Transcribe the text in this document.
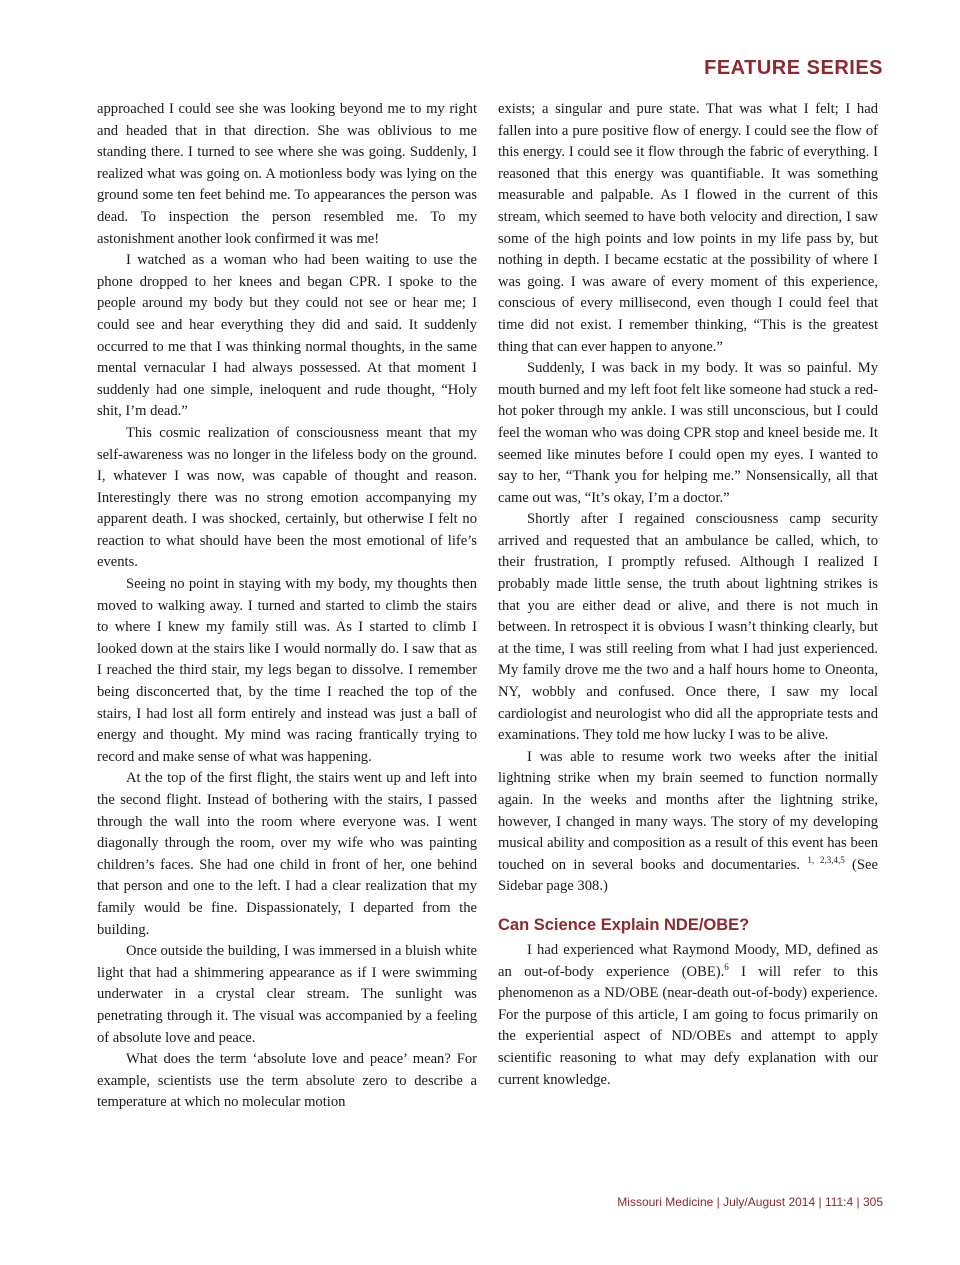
FEATURE SERIES

approached I could see she was looking beyond me to my right and headed that in that direction. She was oblivious to me standing there. I turned to see where she was going. Suddenly, I realized what was going on. A motionless body was lying on the ground some ten feet behind me. To appearances the person was dead. To inspection the person resembled me. To my astonishment another look confirmed it was me!

I watched as a woman who had been waiting to use the phone dropped to her knees and began CPR. I spoke to the people around my body but they could not see or hear me; I could see and hear everything they did and said. It suddenly occurred to me that I was thinking normal thoughts, in the same mental vernacular I had always possessed. At that moment I suddenly had one simple, ineloquent and rude thought, “Holy shit, I’m dead.”

This cosmic realization of consciousness meant that my self-awareness was no longer in the lifeless body on the ground. I, whatever I was now, was capable of thought and reason. Interestingly there was no strong emotion accompanying my apparent death. I was shocked, certainly, but otherwise I felt no reaction to what should have been the most emotional of life’s events.

Seeing no point in staying with my body, my thoughts then moved to walking away. I turned and started to climb the stairs to where I knew my family still was. As I started to climb I looked down at the stairs like I would normally do. I saw that as I reached the third stair, my legs began to dissolve. I remember being disconcerted that, by the time I reached the top of the stairs, I had lost all form entirely and instead was just a ball of energy and thought. My mind was racing frantically trying to record and make sense of what was happening.

At the top of the first flight, the stairs went up and left into the second flight. Instead of bothering with the stairs, I passed through the wall into the room where everyone was. I went diagonally through the room, over my wife who was painting children’s faces. She had one child in front of her, one behind that person and one to the left. I had a clear realization that my family would be fine. Dispassionately, I departed from the building.

Once outside the building, I was immersed in a bluish white light that had a shimmering appearance as if I were swimming underwater in a crystal clear stream. The sunlight was penetrating through it. The visual was accompanied by a feeling of absolute love and peace.

What does the term ‘absolute love and peace’ mean? For example, scientists use the term absolute zero to describe a temperature at which no molecular motion

exists; a singular and pure state. That was what I felt; I had fallen into a pure positive flow of energy. I could see the flow of this energy. I could see it flow through the fabric of everything. I reasoned that this energy was quantifiable. It was something measurable and palpable. As I flowed in the current of this stream, which seemed to have both velocity and direction, I saw some of the high points and low points in my life pass by, but nothing in depth. I became ecstatic at the possibility of where I was going. I was aware of every moment of this experience, conscious of every millisecond, even though I could feel that time did not exist. I remember thinking, “This is the greatest thing that can ever happen to anyone.”

Suddenly, I was back in my body. It was so painful. My mouth burned and my left foot felt like someone had stuck a red-hot poker through my ankle. I was still unconscious, but I could feel the woman who was doing CPR stop and kneel beside me. It seemed like minutes before I could open my eyes. I wanted to say to her, “Thank you for helping me.” Nonsensically, all that came out was, “It’s okay, I’m a doctor.”

Shortly after I regained consciousness camp security arrived and requested that an ambulance be called, which, to their frustration, I promptly refused. Although I realized I probably made little sense, the truth about lightning strikes is that you are either dead or alive, and there is not much in between. In retrospect it is obvious I wasn’t thinking clearly, but at the time, I was still reeling from what I had just experienced. My family drove me the two and a half hours home to Oneonta, NY, wobbly and confused. Once there, I saw my local cardiologist and neurologist who did all the appropriate tests and examinations. They told me how lucky I was to be alive.

I was able to resume work two weeks after the initial lightning strike when my brain seemed to function normally again. In the weeks and months after the lightning strike, however, I changed in many ways. The story of my developing musical ability and composition as a result of this event has been touched on in several books and documentaries. $^{1, 2,3,4,5}$ (See Sidebar page 308.)

Can Science Explain NDE/OBE?

I had experienced what Raymond Moody, MD, defined as an out-of-body experience (OBE).$^6$ I will refer to this phenomenon as a ND/OBE (near-death out-of-body) experience. For the purpose of this article, I am going to focus primarily on the experiential aspect of ND/OBEs and attempt to apply scientific reasoning to what may defy explanation with our current knowledge.

Missouri Medicine | July/August 2014 | 111:4 | 305
